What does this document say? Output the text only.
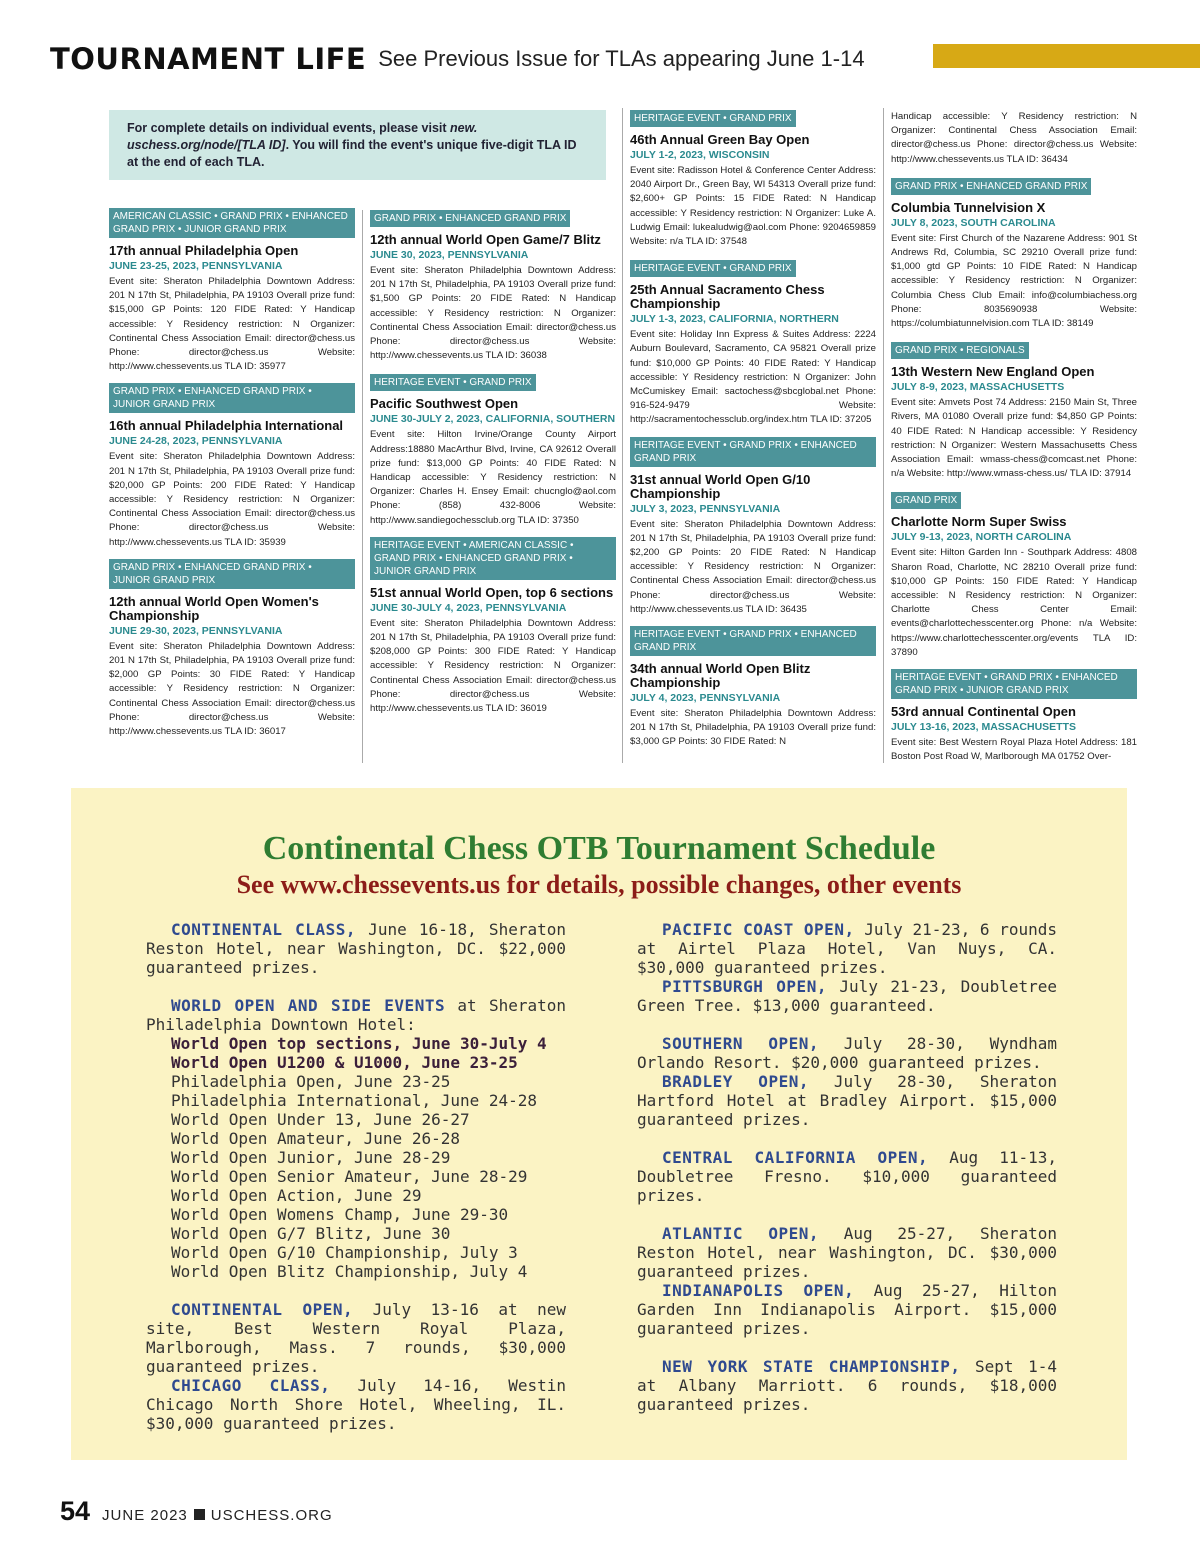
TOURNAMENT LIFE See Previous Issue for TLAs appearing June 1-14
For complete details on individual events, please visit new. uschess.org/node/[TLA ID]. You will find the event's unique five-digit TLA ID at the end of each TLA.
AMERICAN CLASSIC • GRAND PRIX • ENHANCED GRAND PRIX • JUNIOR GRAND PRIX
17th annual Philadelphia Open
JUNE 23-25, 2023, PENNSYLVANIA
Event site: Sheraton Philadelphia Downtown Address: 201 N 17th St, Philadelphia, PA 19103 Overall prize fund: $15,000 GP Points: 120 FIDE Rated: Y Handicap accessible: Y Residency restriction: N Organizer: Continental Chess Association Email: director@chess.us Phone: director@chess.us Website: http://www.chessevents.us TLA ID: 35977
GRAND PRIX • ENHANCED GRAND PRIX • JUNIOR GRAND PRIX
16th annual Philadelphia International
JUNE 24-28, 2023, PENNSYLVANIA
Event site: Sheraton Philadelphia Downtown Address: 201 N 17th St, Philadelphia, PA 19103 Overall prize fund: $20,000 GP Points: 200 FIDE Rated: Y Handicap accessible: Y Residency restriction: N Organizer: Continental Chess Association Email: director@chess.us Phone: director@chess.us Website: http://www.chessevents.us TLA ID: 35939
GRAND PRIX • ENHANCED GRAND PRIX • JUNIOR GRAND PRIX
12th annual World Open Women's Championship
JUNE 29-30, 2023, PENNSYLVANIA
Event site: Sheraton Philadelphia Downtown Address: 201 N 17th St, Philadelphia, PA 19103 Overall prize fund: $2,000 GP Points: 30 FIDE Rated: Y Handicap accessible: Y Residency restriction: N Organizer: Continental Chess Association Email: director@chess.us Phone: director@chess.us Website: http://www.chessevents.us TLA ID: 36017
GRAND PRIX • ENHANCED GRAND PRIX
12th annual World Open Game/7 Blitz
JUNE 30, 2023, PENNSYLVANIA
Event site: Sheraton Philadelphia Downtown Address: 201 N 17th St, Philadelphia, PA 19103 Overall prize fund: $1,500 GP Points: 20 FIDE Rated: N Handicap accessible: Y Residency restriction: N Organizer: Continental Chess Association Email: director@chess.us Phone: director@chess.us Website: http://www.chessevents.us TLA ID: 36038
HERITAGE EVENT • GRAND PRIX
Pacific Southwest Open
JUNE 30-JULY 2, 2023, CALIFORNIA, SOUTHERN
Event site: Hilton Irvine/Orange County Airport Address:18880 MacArthur Blvd, Irvine, CA 92612 Overall prize fund: $13,000 GP Points: 40 FIDE Rated: N Handicap accessible: Y Residency restriction: N Organizer: Charles H. Ensey Email: chucnglo@aol.com Phone: (858) 432-8006 Website: http://www.sandiegochessclub.org TLA ID: 37350
HERITAGE EVENT • AMERICAN CLASSIC • GRAND PRIX • ENHANCED GRAND PRIX • JUNIOR GRAND PRIX
51st annual World Open, top 6 sections
JUNE 30-JULY 4, 2023, PENNSYLVANIA
Event site: Sheraton Philadelphia Downtown Address: 201 N 17th St, Philadelphia, PA 19103 Overall prize fund: $208,000 GP Points: 300 FIDE Rated: Y Handicap accessible: Y Residency restriction: N Organizer: Continental Chess Association Email: director@chess.us Phone: director@chess.us Website: http://www.chessevents.us TLA ID: 36019
HERITAGE EVENT • GRAND PRIX
46th Annual Green Bay Open
JULY 1-2, 2023, WISCONSIN
Event site: Radisson Hotel & Conference Center Address: 2040 Airport Dr., Green Bay, WI 54313 Overall prize fund: $2,600+ GP Points: 15 FIDE Rated: N Handicap accessible: Y Residency restriction: N Organizer: Luke A. Ludwig Email: lukealudwig@aol.com Phone: 9204659859 Website: n/a TLA ID: 37548
HERITAGE EVENT • GRAND PRIX
25th Annual Sacramento Chess Championship
JULY 1-3, 2023, CALIFORNIA, NORTHERN
Event site: Holiday Inn Express & Suites Address: 2224 Auburn Boulevard, Sacramento, CA 95821 Overall prize fund: $10,000 GP Points: 40 FIDE Rated: Y Handicap accessible: Y Residency restriction: N Organizer: John McCumiskey Email: sactochess@sbcglobal.net Phone: 916-524-9479 Website: http://sacramentochessclub.org/index.htm TLA ID: 37205
HERITAGE EVENT • GRAND PRIX • ENHANCED GRAND PRIX
31st annual World Open G/10 Championship
JULY 3, 2023, PENNSYLVANIA
Event site: Sheraton Philadelphia Downtown Address: 201 N 17th St, Philadelphia, PA 19103 Overall prize fund: $2,200 GP Points: 20 FIDE Rated: N Handicap accessible: Y Residency restriction: N Organizer: Continental Chess Association Email: director@chess.us Phone: director@chess.us Website: http://www.chessevents.us TLA ID: 36435
HERITAGE EVENT • GRAND PRIX • ENHANCED GRAND PRIX
34th annual World Open Blitz Championship
JULY 4, 2023, PENNSYLVANIA
Event site: Sheraton Philadelphia Downtown Address: 201 N 17th St, Philadelphia, PA 19103 Overall prize fund: $3,000 GP Points: 30 FIDE Rated: N
Handicap accessible: Y Residency restriction: N Organizer: Continental Chess Association Email: director@chess.us Phone: director@chess.us Website: http://www.chessevents.us TLA ID: 36434
GRAND PRIX • ENHANCED GRAND PRIX
Columbia Tunnelvision X
JULY 8, 2023, SOUTH CAROLINA
Event site: First Church of the Nazarene Address: 901 St Andrews Rd, Columbia, SC 29210 Overall prize fund: $1,000 gtd GP Points: 10 FIDE Rated: N Handicap accessible: Y Residency restriction: N Organizer: Columbia Chess Club Email: info@columbiachess.org Phone: 8035690938 Website: https://columbiatunnelvision.com TLA ID: 38149
GRAND PRIX • REGIONALS
13th Western New England Open
JULY 8-9, 2023, MASSACHUSETTS
Event site: Amvets Post 74 Address: 2150 Main St, Three Rivers, MA 01080 Overall prize fund: $4,850 GP Points: 40 FIDE Rated: N Handicap accessible: Y Residency restriction: N Organizer: Western Massachusetts Chess Association Email: wmass-chess@comcast.net Phone: n/a Website: http://www.wmass-chess.us/ TLA ID: 37914
GRAND PRIX
Charlotte Norm Super Swiss
JULY 9-13, 2023, NORTH CAROLINA
Event site: Hilton Garden Inn - Southpark Address: 4808 Sharon Road, Charlotte, NC 28210 Overall prize fund: $10,000 GP Points: 150 FIDE Rated: Y Handicap accessible: N Residency restriction: N Organizer: Charlotte Chess Center Email: events@charlottechesscenter.org Phone: n/a Website: https://www.charlottechesscenter.org/events TLA ID: 37890
HERITAGE EVENT • GRAND PRIX • ENHANCED GRAND PRIX • JUNIOR GRAND PRIX
53rd annual Continental Open
JULY 13-16, 2023, MASSACHUSETTS
Event site: Best Western Royal Plaza Hotel Address: 181 Boston Post Road W, Marlborough MA 01752 Over-
Continental Chess OTB Tournament Schedule
See www.chessevents.us for details, possible changes, other events

CONTINENTAL CLASS, June 16-18, Sheraton Reston Hotel, near Washington, DC. $22,000 guaranteed prizes.

WORLD OPEN AND SIDE EVENTS at Sheraton Philadelphia Downtown Hotel:

World Open top sections, June 30-July 4
World Open U1200 & U1000, June 23-25
Philadelphia Open, June 23-25
Philadelphia International, June 24-28
World Open Under 13, June 26-27
World Open Amateur, June 26-28
World Open Junior, June 28-29
World Open Senior Amateur, June 28-29
World Open Action, June 29
World Open Womens Champ, June 29-30
World Open G/7 Blitz, June 30
World Open G/10 Championship, July 3
World Open Blitz Championship, July 4

CONTINENTAL OPEN, July 13-16 at new site, Best Western Royal Plaza, Marlborough, Mass. 7 rounds, $30,000 guaranteed prizes.

CHICAGO CLASS, July 14-16, Westin Chicago North Shore Hotel, Wheeling, IL. $30,000 guaranteed prizes.

PACIFIC COAST OPEN, July 21-23, 6 rounds at Airtel Plaza Hotel, Van Nuys, CA. $30,000 guaranteed prizes.

PITTSBURGH OPEN, July 21-23, Doubletree Green Tree. $13,000 guaranteed.

SOUTHERN OPEN, July 28-30, Wyndham Orlando Resort. $20,000 guaranteed prizes.

BRADLEY OPEN, July 28-30, Sheraton Hartford Hotel at Bradley Airport. $15,000 guaranteed prizes.

CENTRAL CALIFORNIA OPEN, Aug 11-13, Doubletree Fresno. $10,000 guaranteed prizes.

ATLANTIC OPEN, Aug 25-27, Sheraton Reston Hotel, near Washington, DC. $30,000 guaranteed prizes.

INDIANAPOLIS OPEN, Aug 25-27, Hilton Garden Inn Indianapolis Airport. $15,000 guaranteed prizes.

NEW YORK STATE CHAMPIONSHIP, Sept 1-4 at Albany Marriott. 6 rounds, $18,000 guaranteed prizes.

54 JUNE 2023 USCHESS.ORG
